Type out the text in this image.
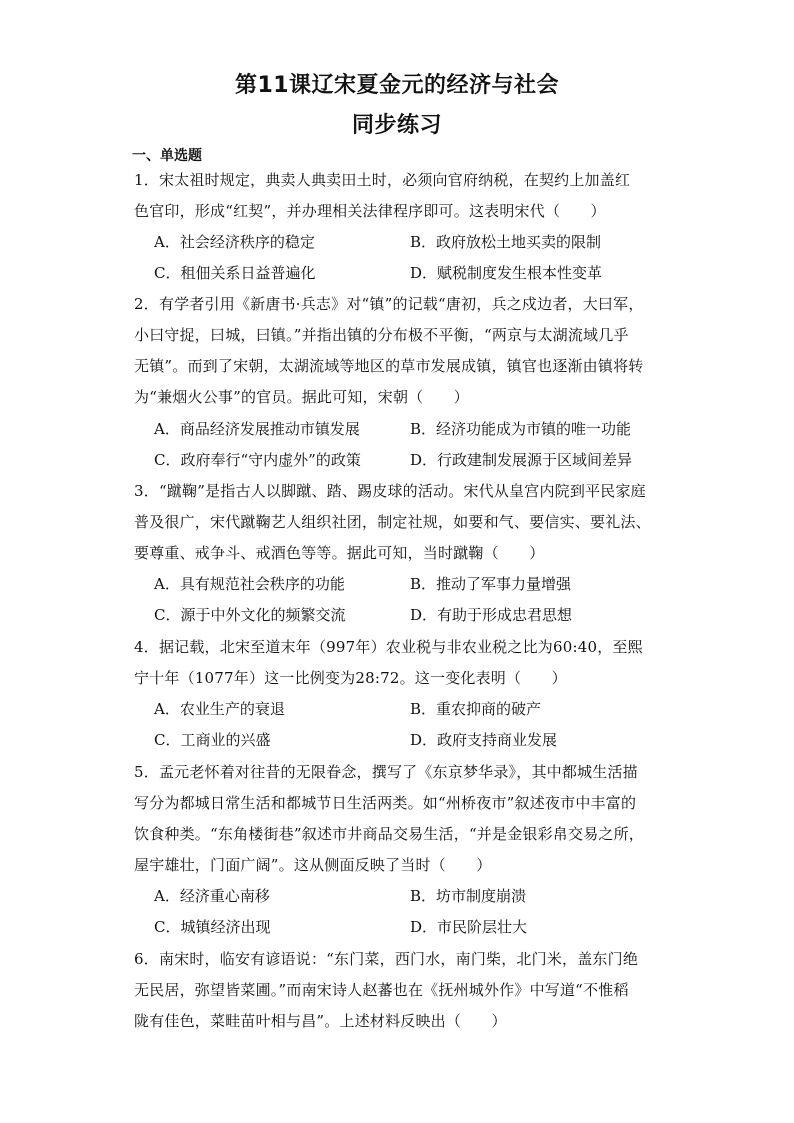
第11课辽宋夏金元的经济与社会
同步练习
一、单选题
1．宋太祖时规定，典卖人典卖田土时，必须向官府纳税，在契约上加盖红
色官印，形成“红契”，并办理相关法律程序即可。这表明宋代（　　）
A．社会经济秩序的稳定	B．政府放松土地买卖的限制
C．租佃关系日益普遍化	D．赋税制度发生根本性变革
2．有学者引用《新唐书·兵志》对“镇”的记载“唐初，兵之戍边者，大曰军，
小曰守捉，曰城，曰镇。”并指出镇的分布极不平衡，“两京与太湖流域几乎
无镇”。而到了宋朝，太湖流域等地区的草市发展成镇，镇官也逐渐由镇将转
为“兼烟火公事”的官员。据此可知，宋朝（　　）
A．商品经济发展推动市镇发展	B．经济功能成为市镇的唯一功能
C．政府奉行“守内虚外”的政策	D．行政建制发展源于区域间差异
3．“蹴鞠”是指古人以脚蹴、踏、踢皮球的活动。宋代从皇宫内院到平民家庭
普及很广，宋代蹴鞠艺人组织社团，制定社规，如要和气、要信实、要礼法、
要尊重、戒争斗、戒酒色等等。据此可知，当时蹴鞠（　　）
A．具有规范社会秩序的功能	B．推动了军事力量增强
C．源于中外文化的频繁交流	D．有助于形成忠君思想
4．据记载，北宋至道末年（997年）农业税与非农业税之比为60:40，至熙
宁十年（1077年）这一比例变为28:72。这一变化表明（　　）
A．农业生产的衰退	B．重农抑商的破产
C．工商业的兴盛	D．政府支持商业发展
5．孟元老怀着对往昔的无限眷念，撰写了《东京梦华录》，其中都城生活描
写分为都城日常生活和都城节日生活两类。如“州桥夜市”叙述夜市中丰富的
饮食种类。“东角楼街巷”叙述市井商品交易生活，“并是金银彩帛交易之所，
屋宇雄壮，门面广阔”。这从侧面反映了当时（　　）
A．经济重心南移	B．坊市制度崩溃
C．城镇经济出现	D．市民阶层壮大
6．南宋时，临安有谚语说：“东门菜，西门水，南门柴，北门米，盖东门绝
无民居，弥望皆菜圃。”而南宋诗人赵蕃也在《抚州城外作》中写道“不惟稻
陇有佳色，菜畦苗叶相与昌”。上述材料反映出（　　）
